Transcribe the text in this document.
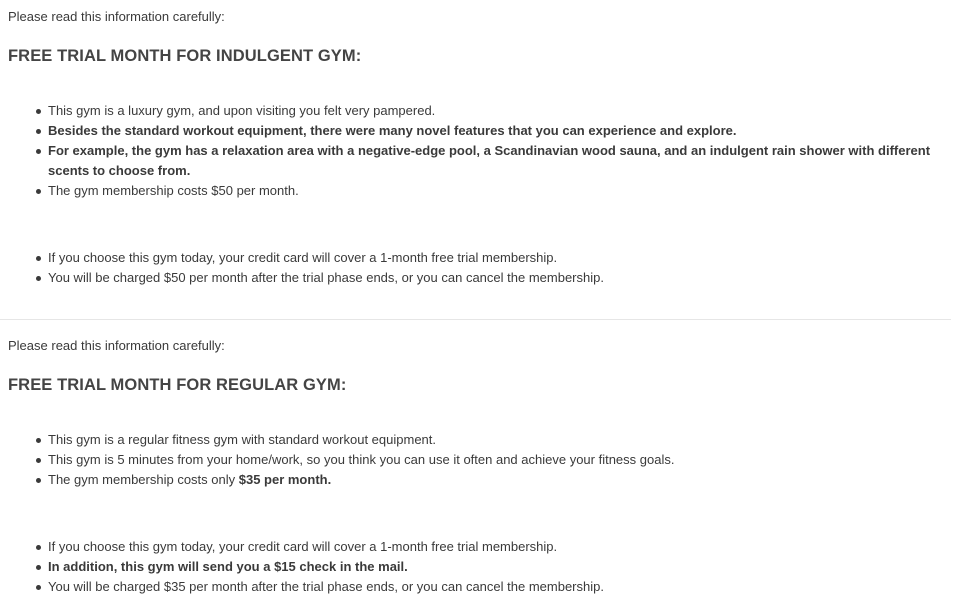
Please read this information carefully:
FREE TRIAL MONTH FOR INDULGENT GYM:
This gym is a luxury gym, and upon visiting you felt very pampered.
Besides the standard workout equipment, there were many novel features that you can experience and explore.
For example, the gym has a relaxation area with a negative-edge pool, a Scandinavian wood sauna, and an indulgent rain shower with different scents to choose from.
The gym membership costs $50 per month.
If you choose this gym today, your credit card will cover a 1-month free trial membership.
You will be charged $50 per month after the trial phase ends, or you can cancel the membership.
Please read this information carefully:
FREE TRIAL MONTH FOR REGULAR GYM:
This gym is a regular fitness gym with standard workout equipment.
This gym is 5 minutes from your home/work, so you think you can use it often and achieve your fitness goals.
The gym membership costs only $35 per month.
If you choose this gym today, your credit card will cover a 1-month free trial membership.
In addition, this gym will send you a $15 check in the mail.
You will be charged $35 per month after the trial phase ends, or you can cancel the membership.
